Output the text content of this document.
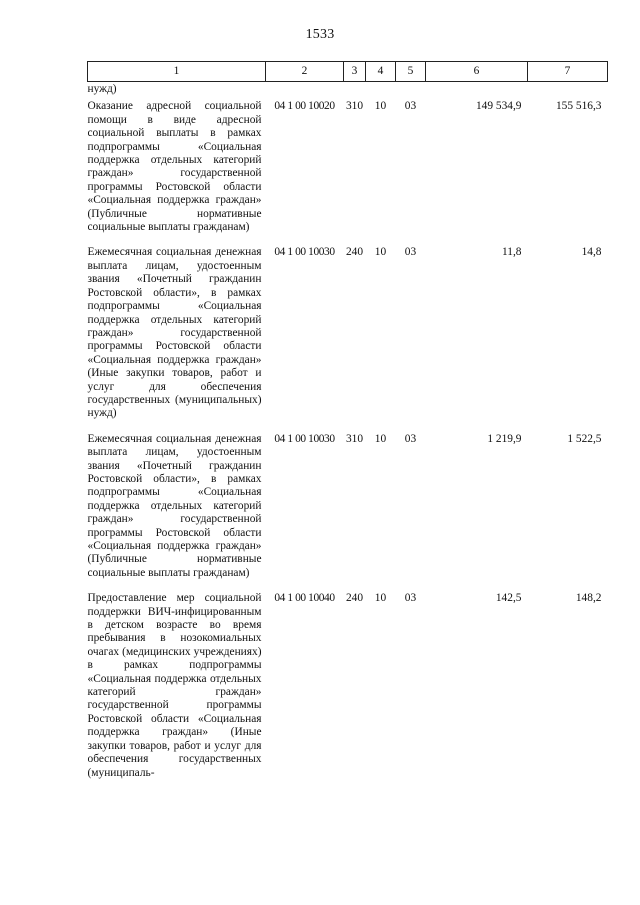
1533
1	2	3	4	5	6	7
нужд)						
Оказание адресной социальной помощи в виде адресной социальной выплаты в рамках подпрограммы «Социальная поддержка отдельных категорий граждан» государственной программы Ростовской области «Социальная поддержка граждан» (Публичные нормативные социальные выплаты гражданам)	04 1 00 10020	310	10	03	149 534,9	155 516,3
Ежемесячная социальная денежная выплата лицам, удостоенным звания «Почетный гражданин Ростовской области», в рамках подпрограммы «Социальная поддержка отдельных категорий граждан» государственной программы Ростовской области «Социальная поддержка граждан» (Иные закупки товаров, работ и услуг для обеспечения государственных (муниципальных) нужд)	04 1 00 10030	240	10	03	11,8	14,8
Ежемесячная социальная денежная выплата лицам, удостоенным звания «Почетный гражданин Ростовской области», в рамках подпрограммы «Социальная поддержка отдельных категорий граждан» государственной программы Ростовской области «Социальная поддержка граждан» (Публичные нормативные социальные выплаты гражданам)	04 1 00 10030	310	10	03	1 219,9	1 522,5
Предоставление мер социальной поддержки ВИЧ-инфицированным в детском возрасте во время пребывания в нозокомиальных очагах (медицинских учреждениях) в рамках подпрограммы «Социальная поддержка отдельных категорий граждан» государственной программы Ростовской области «Социальная поддержка граждан» (Иные закупки товаров, работ и услуг для обеспечения государственных (муниципаль-	04 1 00 10040	240	10	03	142,5	148,2
